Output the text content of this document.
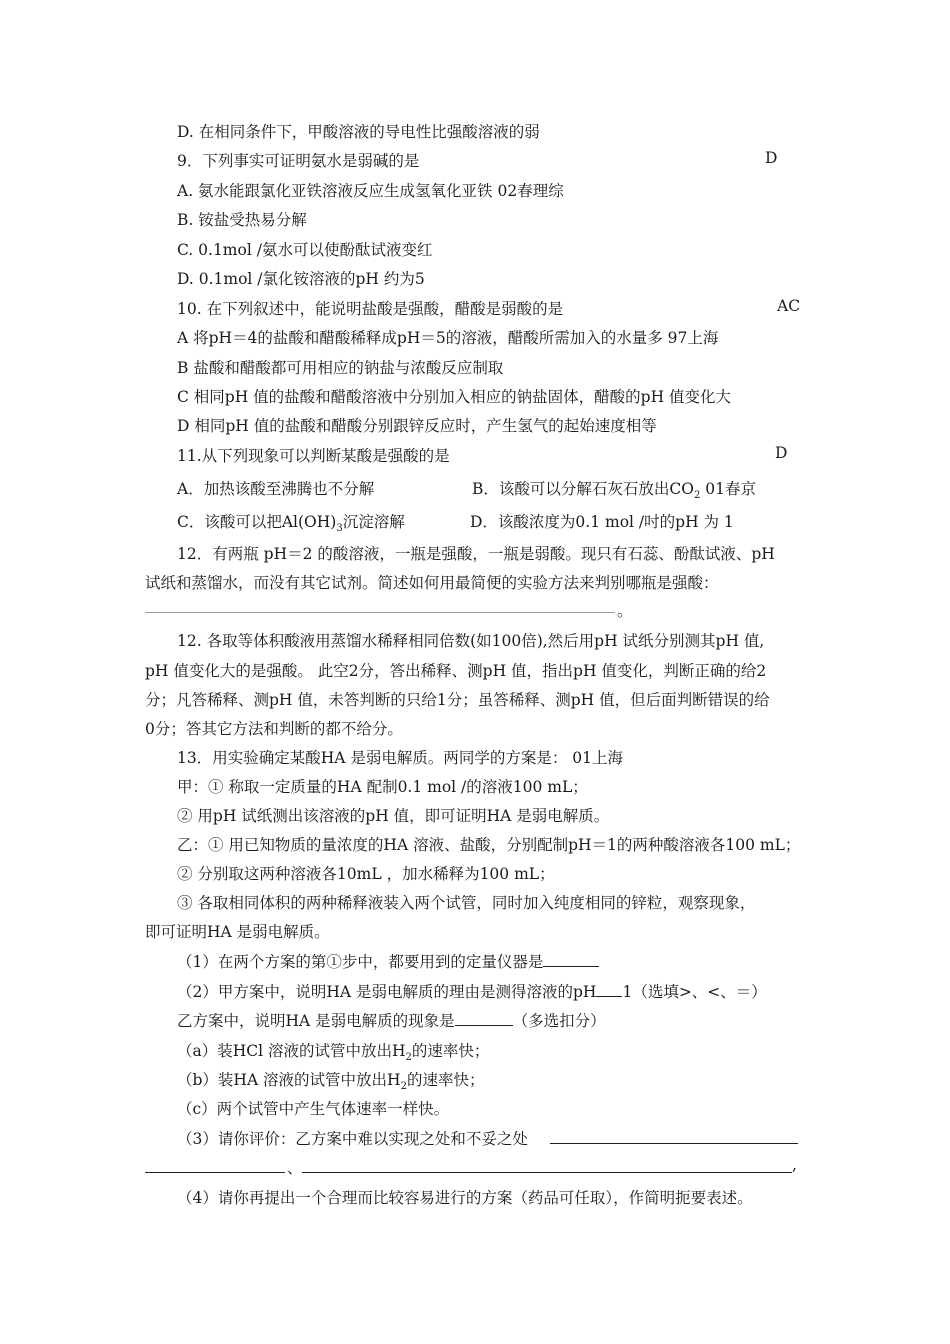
D. 在相同条件下，甲酸溶液的导电性比强酸溶液的弱
9．下列事实可证明氨水是弱碱的是	D
A. 氨水能跟氯化亚铁溶液反应生成氢氧化亚铁 02春理综
B. 铵盐受热易分解
C. 0.1mol /氨水可以使酚酞试液变红
D. 0.1mol /氯化铵溶液的pH 约为5
10. 在下列叙述中，能说明盐酸是强酸，醋酸是弱酸的是	AC
A 将pH＝4的盐酸和醋酸稀释成pH＝5的溶液，醋酸所需加入的水量多 97上海
B 盐酸和醋酸都可用相应的钠盐与浓酸反应制取
C 相同pH 值的盐酸和醋酸溶液中分别加入相应的钠盐固体，醋酸的pH 值变化大
D 相同pH 值的盐酸和醋酸分别跟锌反应时，产生氢气的起始速度相等
11.从下列现象可以判断某酸是强酸的是	D
A．加热该酸至沸腾也不分解	B．该酸可以分解石灰石放出$CO_2$ 01春京
C．该酸可以把$Al(OH)_3$沉淀溶解	D．该酸浓度为0.1 mol /吋的pH 为 1
12．有两瓶 pH＝2 的酸溶液，一瓶是强酸，一瓶是弱酸。现只有石蕊、酚酞试液、pH
试纸和蒸馏水，而没有其它试剂。简述如何用最简便的实验方法来判别哪瓶是强酸：
。
12. 各取等体积酸液用蒸馏水稀释相同倍数(如100倍),然后用pH 试纸分别测其pH 值,
pH 值变化大的是强酸。 此空2分，答出稀释、测pH 值，指出pH 值变化，判断正确的给2
分；凡答稀释、测pH 值，未答判断的只给1分；虽答稀释、测pH 值，但后面判断错误的给
0分；答其它方法和判断的都不给分。
13．用实验确定某酸HA 是弱电解质。两同学的方案是： 01上海
甲：① 称取一定质量的HA 配制0.1 mol /的溶液100 mL；
② 用pH 试纸测出该溶液的pH 值，即可证明HA 是弱电解质。
乙：① 用已知物质的量浓度的HA 溶液、盐酸，分别配制pH＝1的两种酸溶液各100 mL；
② 分别取这两种溶液各10mL ，加水稀释为100 mL；
③ 各取相同体积的两种稀释液装入两个试管，同时加入纯度相同的锌粒，观察现象，
即可证明HA 是弱电解质。
（1）在两个方案的第①步中，都要用到的定量仪器是
（2）甲方案中，说明HA 是弱电解质的理由是测得溶液的pH 1（选填>、<、＝）
乙方案中，说明HA 是弱电解质的现象是	（多选扣分）
（a）装HCl 溶液的试管中放出$H_2$的速率快；
（b）装HA 溶液的试管中放出$H_2$的速率快；
（c）两个试管中产生气体速率一样快。
（3）请你评价：乙方案中难以实现之处和不妥之处
、	,
（4）请你再提出一个合理而比较容易进行的方案（药品可任取），作简明扼要表述。
